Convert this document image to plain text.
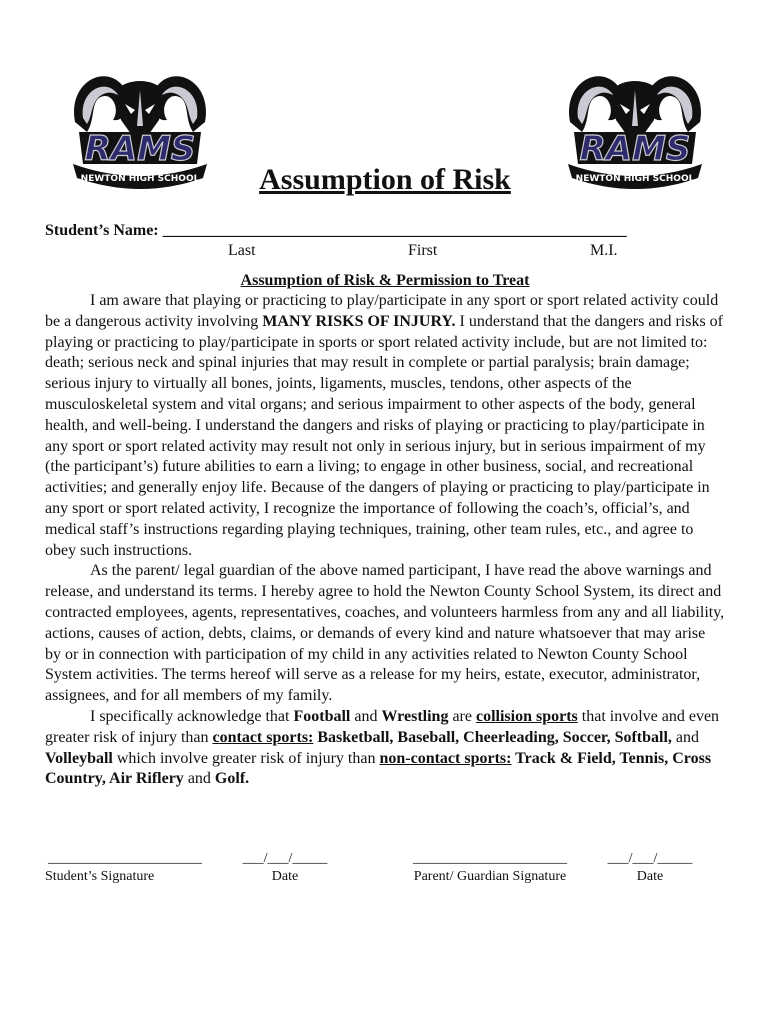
RAMS
NEWTON HIGH SCHOOL
RAMS
NEWTON HIGH SCHOOL
Assumption of Risk
Student’s Name: __________________________________________________________
Last	First	M.I.
Assumption of Risk & Permission to Treat

I am aware that playing or practicing to play/participate in any sport or sport related activity could be a dangerous activity involving MANY RISKS OF INJURY. I understand that the dangers and risks of playing or practicing to play/participate in sports or sport related activity include, but are not limited to: death; serious neck and spinal injuries that may result in complete or partial paralysis; brain damage; serious injury to virtually all bones, joints, ligaments, muscles, tendons, other aspects of the musculoskeletal system and vital organs; and serious impairment to other aspects of the body, general health, and well-being. I understand the dangers and risks of playing or practicing to play/participate in any sport or sport related activity may result not only in serious injury, but in serious impairment of my (the participant’s) future abilities to earn a living; to engage in other business, social, and recreational activities; and generally enjoy life. Because of the dangers of playing or practicing to play/participate in any sport or sport related activity, I recognize the importance of following the coach’s, official’s, and medical staff’s instructions regarding playing techniques, training, other team rules, etc., and agree to obey such instructions.

As the parent/ legal guardian of the above named participant, I have read the above warnings and release, and understand its terms. I hereby agree to hold the Newton County School System, its direct and contracted employees, agents, representatives, coaches, and volunteers harmless from any and all liability, actions, causes of action, debts, claims, or demands of every kind and nature whatsoever that may arise by or in connection with participation of my child in any activities related to Newton County School System activities. The terms hereof will serve as a release for my heirs, estate, executor, administrator, assignees, and for all members of my family.

I specifically acknowledge that Football and Wrestling are collision sports that involve and even greater risk of injury than contact sports: Basketball, Baseball, Cheerleading, Soccer, Softball, and Volleyball which involve greater risk of injury than non-contact sports: Track & Field, Tennis, Cross Country, Air Riflery and Golf.

______________________
Student’s Signature
___/___/_____
Date
______________________
Parent/ Guardian Signature
___/___/_____
Date
